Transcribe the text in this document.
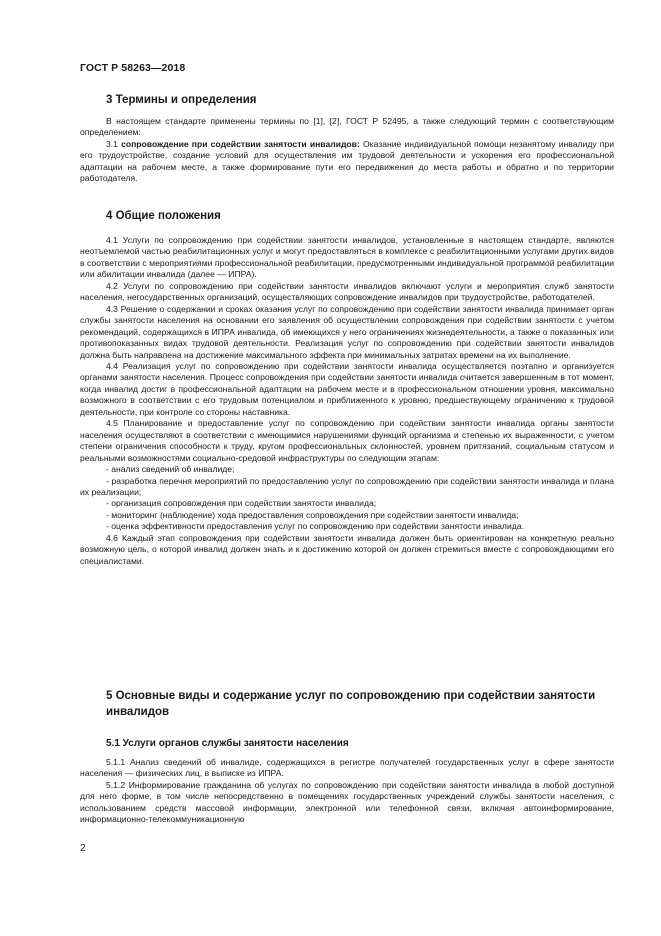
ГОСТ Р 58263—2018
3 Термины и определения

В настоящем стандарте применены термины по [1], [2], ГОСТ Р 52495, а также следующий термин с соответствующим определением:

3.1 сопровождение при содействии занятости инвалидов: Оказание индивидуальной помощи незанятому инвалиду при его трудоустройстве, создание условий для осуществления им трудовой деятельности и ускорения его профессиональной адаптации на рабочем месте, а также формирование пути его передвижения до места работы и обратно и по территории работодателя.

4 Общие положения

4.1 Услуги по сопровождению при содействии занятости инвалидов, установленные в настоящем стандарте, являются неотъемлемой частью реабилитационных услуг и могут предоставляться в комплексе с реабилитационными услугами других видов в соответствии с мероприятиями профессиональной реабилитации, предусмотренными индивидуальной программой реабилитации или абилитации инвалида (далее — ИПРА).

4.2 Услуги по сопровождению при содействии занятости инвалидов включают услуги и мероприятия служб занятости населения, негосударственных организаций, осуществляющих сопровождение инвалидов при трудоустройстве, работодателей.

4.3 Решение о содержании и сроках оказания услуг по сопровождению при содействии занятости инвалида принимает орган службы занятости населения на основании его заявления об осуществлении сопровождения при содействии занятости с учетом рекомендаций, содержащихся в ИПРА инвалида, об имеющихся у него ограничениях жизнедеятельности, а также о показанных или противопоказанных видах трудовой деятельности. Реализация услуг по сопровождению при содействии занятости инвалидов должна быть направлена на достижение максимального эффекта при минимальных затратах времени на их выполнение.

4.4 Реализация услуг по сопровождению при содействии занятости инвалида осуществляется поэтапно и организуется органами занятости населения. Процесс сопровождения при содействии занятости инвалида считается завершенным в тот момент, когда инвалид достиг в профессиональной адаптации на рабочем месте и в профессиональном отношении уровня, максимально возможного в соответствии с его трудовым потенциалом и приближенного к уровню, предшествующему ограничению к трудовой деятельности, при контроле со стороны наставника.

4.5 Планирование и предоставление услуг по сопровождению при содействии занятости инвалида органы занятости населения осуществляют в соответствии с имеющимися нарушениями функций организма и степенью их выраженности, с учетом степени ограничения способности к труду, кругом профессиональных склонностей, уровнем притязаний, социальным статусом и реальными возможностями социально-средовой инфраструктуры по следующим этапам:

- анализ сведений об инвалиде;

- разработка перечня мероприятий по предоставлению услуг по сопровождению при содействии занятости инвалида и плана их реализации;

- организация сопровождения при содействии занятости инвалида;

- мониторинг (наблюдение) хода предоставления сопровождения при содействии занятости инвалида;

- оценка эффективности предоставления услуг по сопровождению при содействии занятости инвалида.

4.6 Каждый этап сопровождения при содействии занятости инвалида должен быть ориентирован на конкретную реально возможную цель, о которой инвалид должен знать и к достижению которой он должен стремиться вместе с сопровождающими его специалистами.

5 Основные виды и содержание услуг по сопровождению при содействии занятости инвалидов
5.1 Услуги органов службы занятости населения

5.1.1 Анализ сведений об инвалиде, содержащихся в регистре получателей государственных услуг в сфере занятости населения — физических лиц, в выписке из ИПРА.

5.1.2 Информирование гражданина об услугах по сопровождению при содействии занятости инвалида в любой доступной для него форме, в том числе непосредственно в помещениях государственных учреждений службы занятости населения, с использованием средств массовой информации, электронной или телефонной связи, включая автоинформирование, информационно-телекоммуникационную

2
